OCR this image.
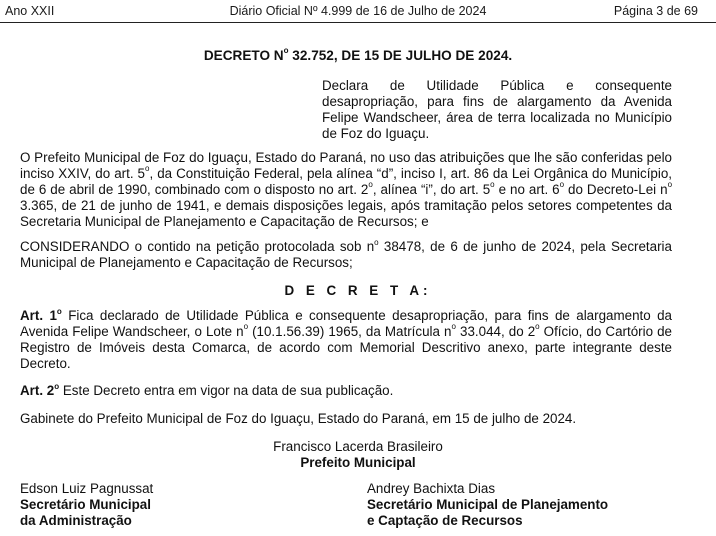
Ano XXII	Diário Oficial Nº 4.999 de 16 de Julho de 2024	Página 3 de 69
DECRETO $N^o$ 32.752, DE 15 DE JULHO DE 2024.
Declara de Utilidade Pública e consequente desapropriação, para fins de alargamento da Avenida Felipe Wandscheer, área de terra localizada no Município de Foz do Iguaçu.
O Prefeito Municipal de Foz do Iguaçu, Estado do Paraná, no uso das atribuições que lhe são conferidas pelo inciso XXIV, do art. 5$^o$, da Constituição Federal, pela alínea “d”, inciso I, art. 86 da Lei Orgânica do Município, de 6 de abril de 1990, combinado com o disposto no art. 2$^o$, alínea “i”, do art. 5$^o$ e no art. 6$^o$ do Decreto-Lei $n^o$ 3.365, de 21 de junho de 1941, e demais disposições legais, após tramitação pelos setores competentes da Secretaria Municipal de Planejamento e Capacitação de Recursos; e
CONSIDERANDO o contido na petição protocolada sob $n^o$ 38478, de 6 de junho de 2024, pela Secretaria Municipal de Planejamento e Capacitação de Recursos;
D E C R E T A:
Art. 1$^o$ Fica declarado de Utilidade Pública e consequente desapropriação, para fins de alargamento da Avenida Felipe Wandscheer, o Lote $n^o$ (10.1.56.39) 1965, da Matrícula $n^o$ 33.044, do 2$^o$ Ofício, do Cartório de Registro de Imóveis desta Comarca, de acordo com Memorial Descritivo anexo, parte integrante deste Decreto.
Art. 2$^o$ Este Decreto entra em vigor na data de sua publicação.
Gabinete do Prefeito Municipal de Foz do Iguaçu, Estado do Paraná, em 15 de julho de 2024.
Francisco Lacerda Brasileiro
Prefeito Municipal
Edson Luiz Pagnussat
Secretário Municipal
da Administração
Andrey Bachixta Dias
Secretário Municipal de Planejamento
e Captação de Recursos
